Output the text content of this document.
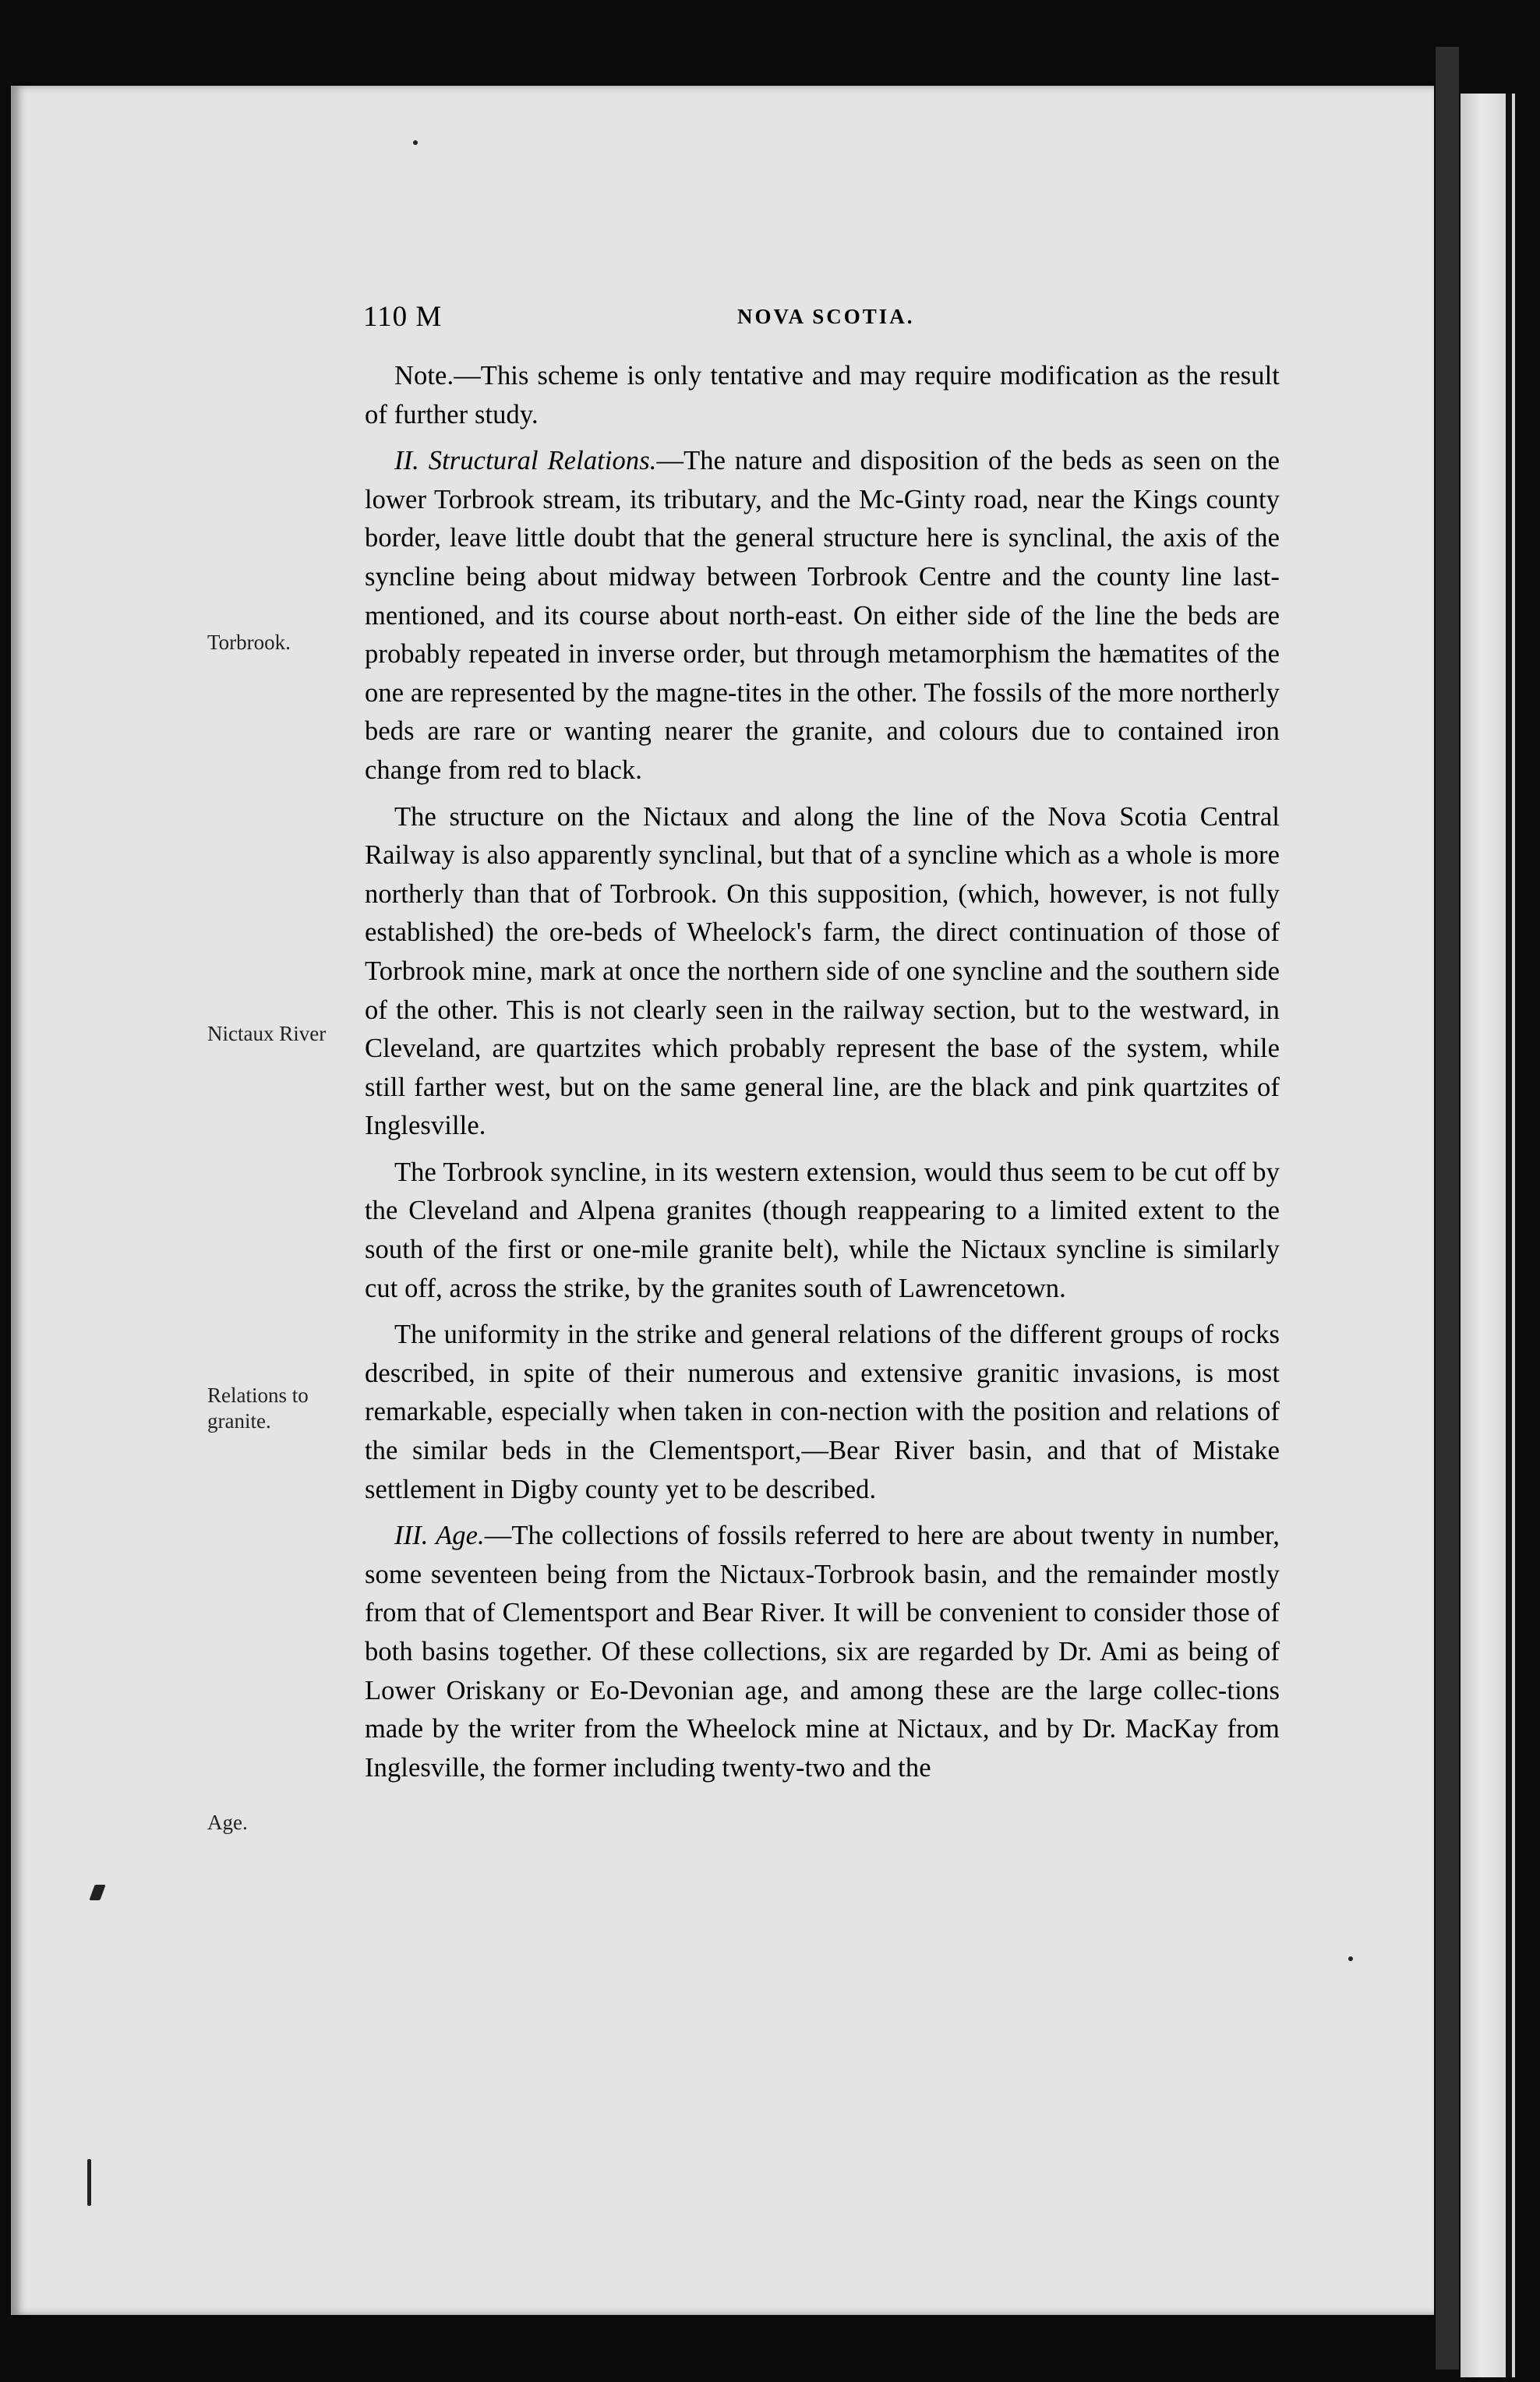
110 M	NOVA SCOTIA.
Torbrook.
Nictaux River
Relations to granite.
Age.

Note.—This scheme is only tentative and may require modification as the result of further study.

II. Structural Relations.—The nature and disposition of the beds as seen on the lower Torbrook stream, its tributary, and the Mc-Ginty road, near the Kings county border, leave little doubt that the general structure here is synclinal, the axis of the syncline being about midway between Torbrook Centre and the county line last-mentioned, and its course about north-east. On either side of the line the beds are probably repeated in inverse order, but through metamorphism the hæmatites of the one are represented by the magne-tites in the other. The fossils of the more northerly beds are rare or wanting nearer the granite, and colours due to contained iron change from red to black.

The structure on the Nictaux and along the line of the Nova Scotia Central Railway is also apparently synclinal, but that of a syncline which as a whole is more northerly than that of Torbrook. On this supposition, (which, however, is not fully established) the ore-beds of Wheelock's farm, the direct continuation of those of Torbrook mine, mark at once the northern side of one syncline and the southern side of the other. This is not clearly seen in the railway section, but to the westward, in Cleveland, are quartzites which probably represent the base of the system, while still farther west, but on the same general line, are the black and pink quartzites of Inglesville.

The Torbrook syncline, in its western extension, would thus seem to be cut off by the Cleveland and Alpena granites (though reappearing to a limited extent to the south of the first or one-mile granite belt), while the Nictaux syncline is similarly cut off, across the strike, by the granites south of Lawrencetown.

The uniformity in the strike and general relations of the different groups of rocks described, in spite of their numerous and extensive granitic invasions, is most remarkable, especially when taken in con-nection with the position and relations of the similar beds in the Clementsport,—Bear River basin, and that of Mistake settlement in Digby county yet to be described.

III. Age.—The collections of fossils referred to here are about twenty in number, some seventeen being from the Nictaux-Torbrook basin, and the remainder mostly from that of Clementsport and Bear River. It will be convenient to consider those of both basins together. Of these collections, six are regarded by Dr. Ami as being of Lower Oriskany or Eo-Devonian age, and among these are the large collec-tions made by the writer from the Wheelock mine at Nictaux, and by Dr. MacKay from Inglesville, the former including twenty-two and the
